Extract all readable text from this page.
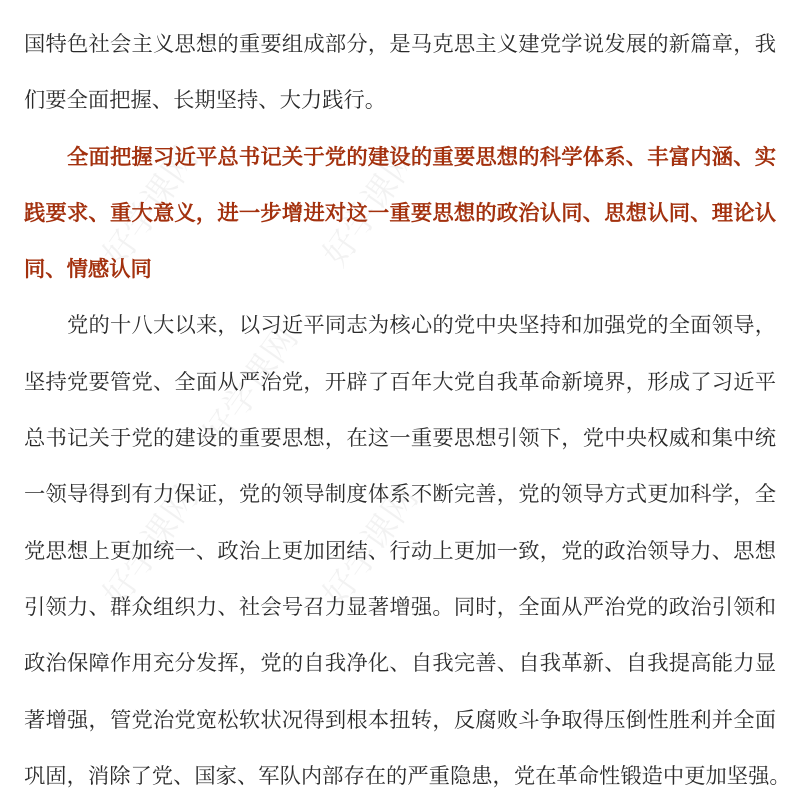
好学课网	好学课网
好学课网
好学课网
好学课网
国特色社会主义思想的重要组成部分，是马克思主义建党学说发展的新篇章，我
们要全面把握、长期坚持、大力践行。
全面把握习近平总书记关于党的建设的重要思想的科学体系、丰富内涵、实
践要求、重大意义，进一步增进对这一重要思想的政治认同、思想认同、理论认
同、情感认同
党的十八大以来，以习近平同志为核心的党中央坚持和加强党的全面领导，
坚持党要管党、全面从严治党，开辟了百年大党自我革命新境界，形成了习近平
总书记关于党的建设的重要思想，在这一重要思想引领下，党中央权威和集中统
一领导得到有力保证，党的领导制度体系不断完善，党的领导方式更加科学，全
党思想上更加统一、政治上更加团结、行动上更加一致，党的政治领导力、思想
引领力、群众组织力、社会号召力显著增强。同时，全面从严治党的政治引领和
政治保障作用充分发挥，党的自我净化、自我完善、自我革新、自我提高能力显
著增强，管党治党宽松软状况得到根本扭转，反腐败斗争取得压倒性胜利并全面
巩固，消除了党、国家、军队内部存在的严重隐患，党在革命性锻造中更加坚强。
